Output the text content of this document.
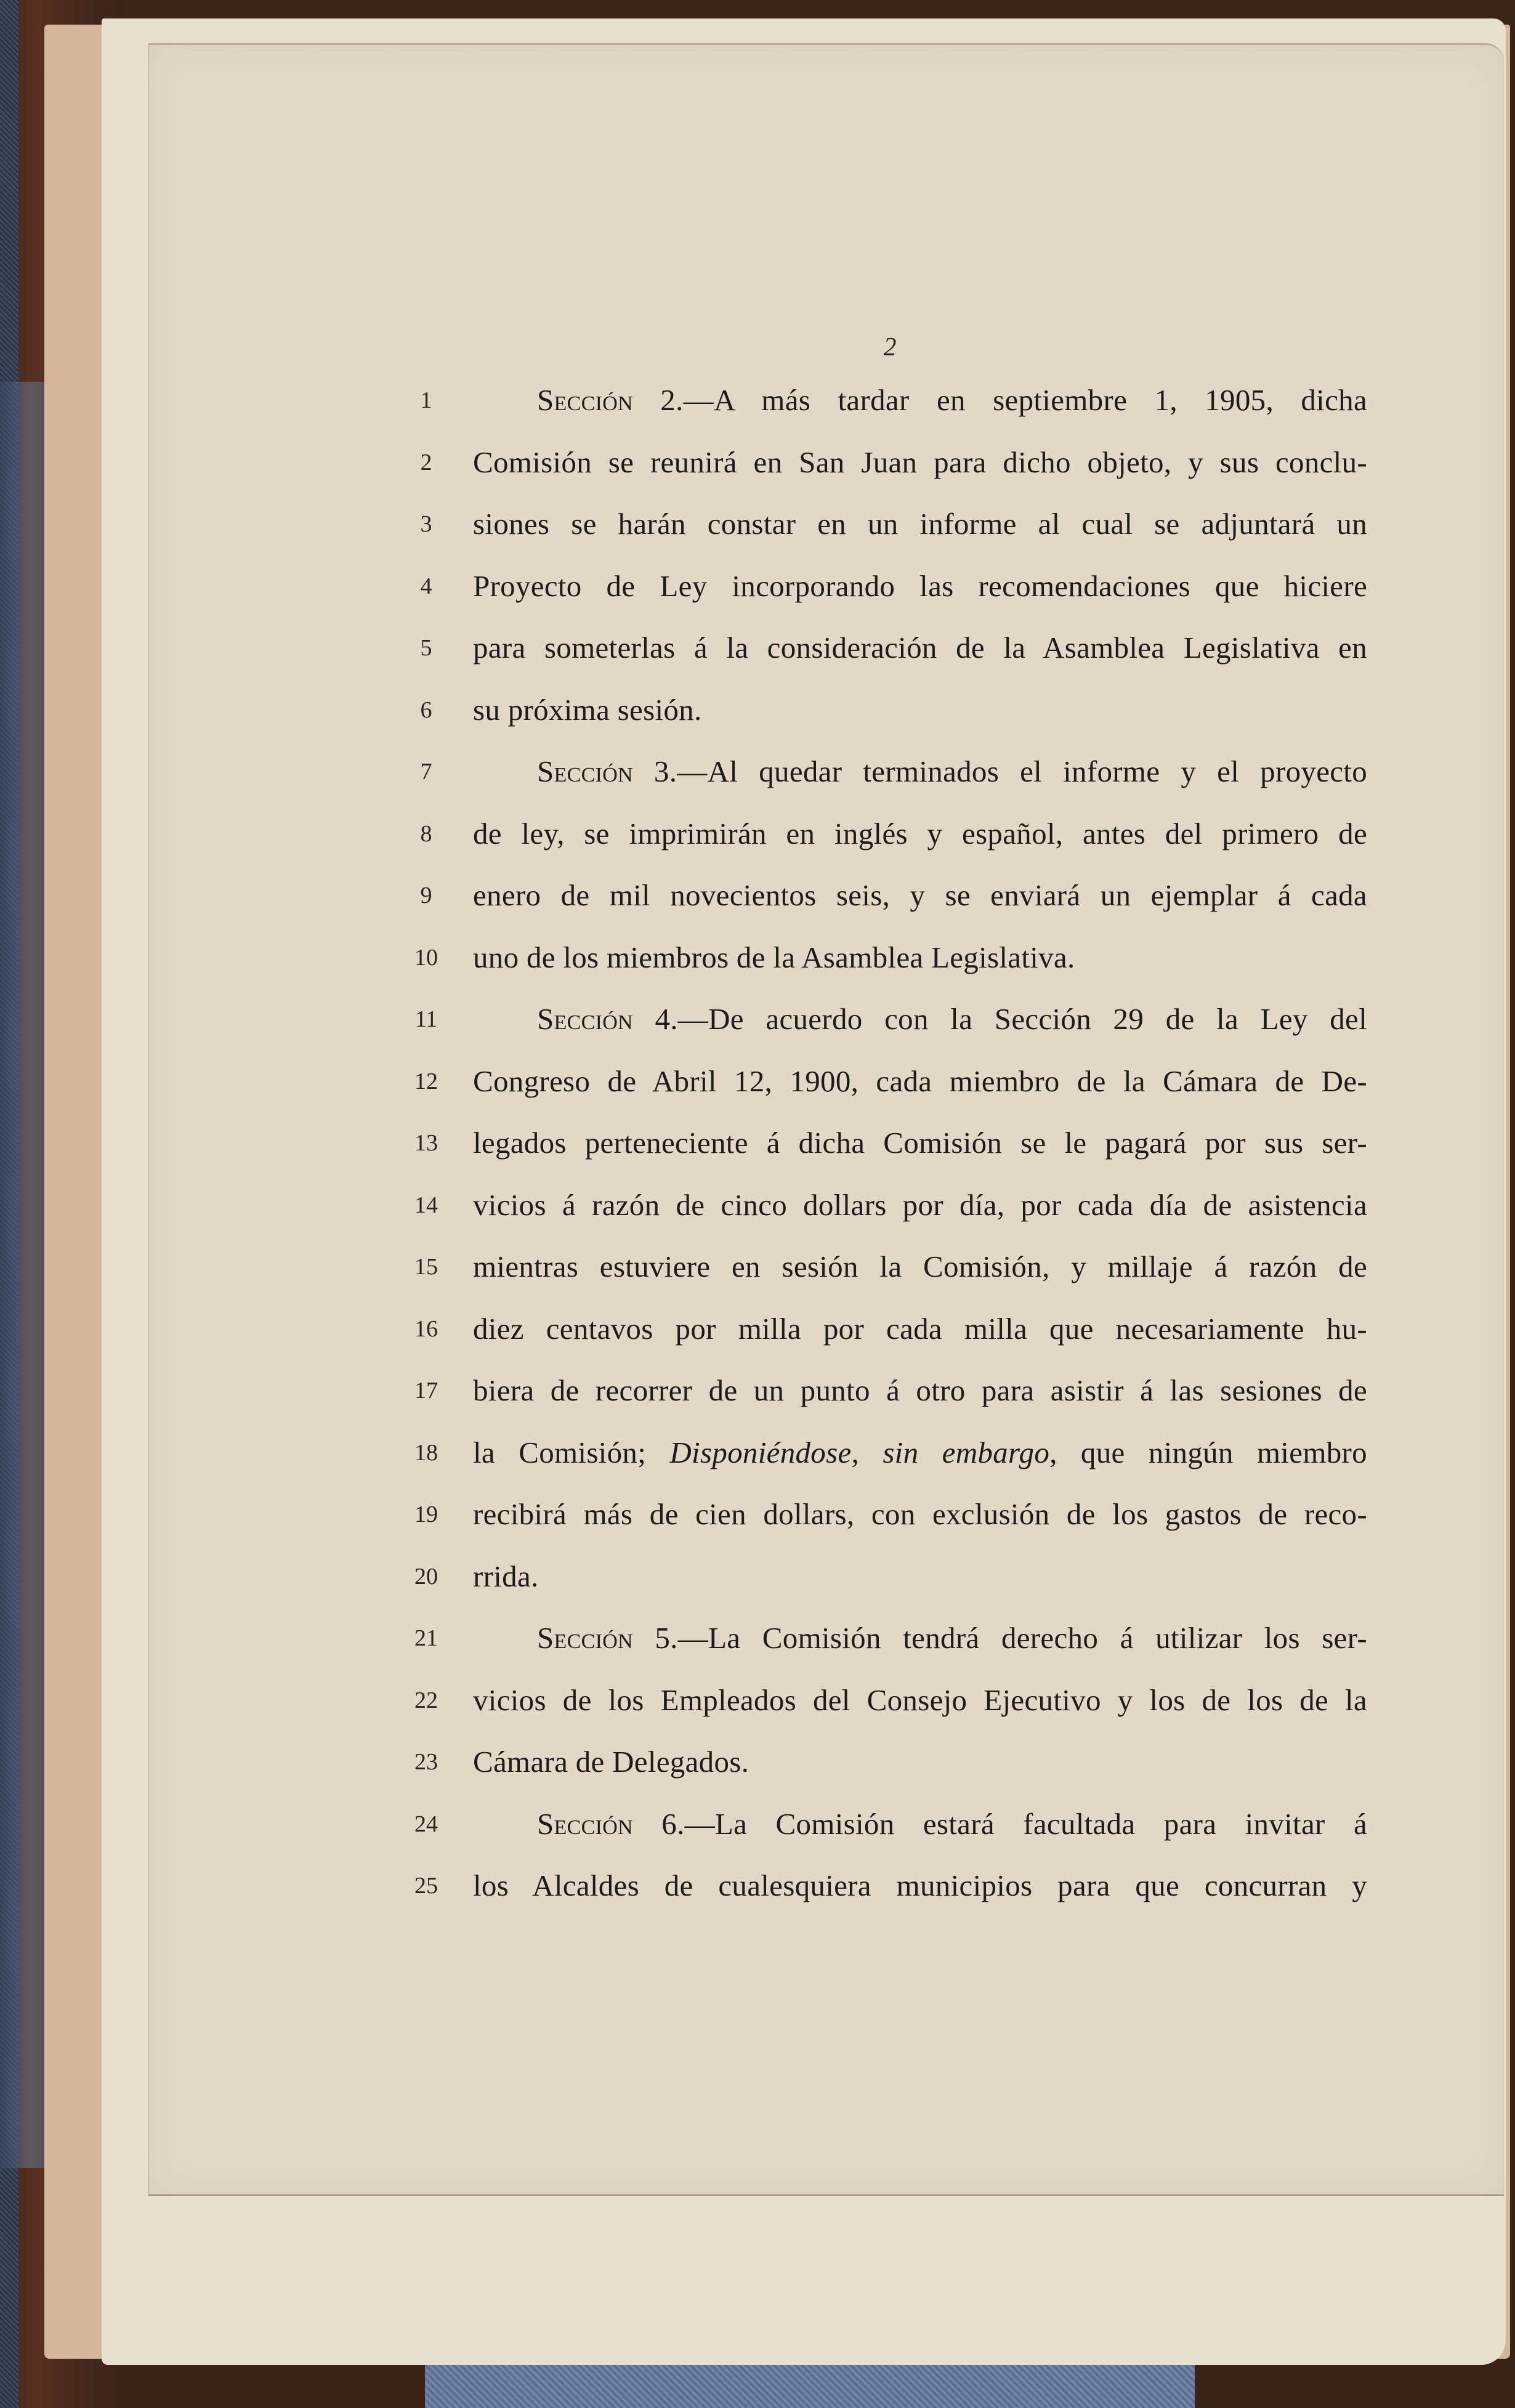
2
1	Sección 2.—A más tardar en septiembre 1, 1905, dicha
2	Comisión se reunirá en San Juan para dicho objeto, y sus conclu-
3	siones se harán constar en un informe al cual se adjuntará un
4	Proyecto de Ley incorporando las recomendaciones que hiciere
5	para someterlas á la consideración de la Asamblea Legislativa en
6	su próxima sesión.
7	Sección 3.—Al quedar terminados el informe y el proyecto
8	de ley, se imprimirán en inglés y español, antes del primero de
9	enero de mil novecientos seis, y se enviará un ejemplar á cada
10 uno de los miembros de la Asamblea Legislativa.
11	Sección 4.—De acuerdo con la Sección 29 de la Ley del
12 Congreso de Abril 12, 1900, cada miembro de la Cámara de De-
13 legados perteneciente á dicha Comisión se le pagará por sus ser-
14 vicios á razón de cinco dollars por día, por cada día de asistencia
15 mientras estuviere en sesión la Comisión, y millaje á razón de
16 diez centavos por milla por cada milla que necesariamente hu-
17 biera de recorrer de un punto á otro para asistir á las sesiones de
18 la Comisión; Disponiéndose, sin embargo, que ningún miembro
19 recibirá más de cien dollars, con exclusión de los gastos de reco-
20 rrida.
21	Sección 5.—La Comisión tendrá derecho á utilizar los ser-
22 vicios de los Empleados del Consejo Ejecutivo y los de los de la
23 Cámara de Delegados.
24	Sección 6.—La Comisión estará facultada para invitar á
25 los Alcaldes de cualesquiera municipios para que concurran y
